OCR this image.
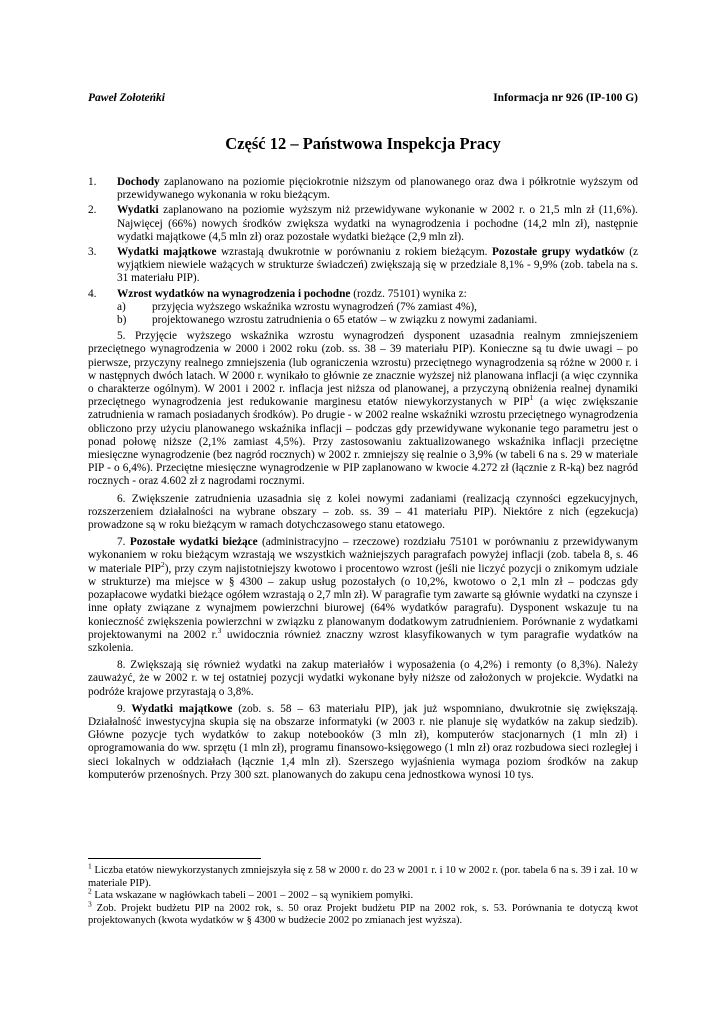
Paweł Zołoteńki	Informacja nr 926 (IP-100 G)
Część 12 – Państwowa Inspekcja Pracy
1.	Dochody zaplanowano na poziomie pięciokrotnie niższym od planowanego oraz dwa i półkrotnie wyższym od przewidywanego wykonania w roku bieżącym.
2.	Wydatki zaplanowano na poziomie wyższym niż przewidywane wykonanie w 2002 r. o 21,5 mln zł (11,6%). Najwięcej (66%) nowych środków zwiększa wydatki na wynagrodzenia i pochodne (14,2 mln zł), następnie wydatki majątkowe (4,5 mln zł) oraz pozostałe wydatki bieżące (2,9 mln zł).
3.	Wydatki majątkowe wzrastają dwukrotnie w porównaniu z rokiem bieżącym. Pozostałe grupy wydatków (z wyjątkiem niewiele ważących w strukturze świadczeń) zwiększają się w przedziale 8,1% - 9,9% (zob. tabela na s. 31 materiału PIP).
4.	Wzrost wydatków na wynagrodzenia i pochodne (rozdz. 75101) wynika z:
a)	przyjęcia wyższego wskaźnika wzrostu wynagrodzeń (7% zamiast 4%),
b)	projektowanego wzrostu zatrudnienia o 65 etatów – w związku z nowymi zadaniami.

5. Przyjęcie wyższego wskaźnika wzrostu wynagrodzeń dysponent uzasadnia realnym zmniejszeniem przeciętnego wynagrodzenia w 2000 i 2002 roku (zob. ss. 38 – 39 materiału PIP). Konieczne są tu dwie uwagi – po pierwsze, przyczyny realnego zmniejszenia (lub ograniczenia wzrostu) przeciętnego wynagrodzenia są różne w 2000 r. i w następnych dwóch latach. W 2000 r. wynikało to głównie ze znacznie wyższej niż planowana inflacji (a więc czynnika o charakterze ogólnym). W 2001 i 2002 r. inflacja jest niższa od planowanej, a przyczyną obniżenia realnej dynamiki przeciętnego wynagrodzenia jest redukowanie marginesu etatów niewykorzystanych w PIP$^1$ (a więc zwiększanie zatrudnienia w ramach posiadanych środków). Po drugie - w 2002 realne wskaźniki wzrostu przeciętnego wynagrodzenia obliczono przy użyciu planowanego wskaźnika inflacji – podczas gdy przewidywane wykonanie tego parametru jest o ponad połowę niższe (2,1% zamiast 4,5%). Przy zastosowaniu zaktualizowanego wskaźnika inflacji przeciętne miesięczne wynagrodzenie (bez nagród rocznych) w 2002 r. zmniejszy się realnie o 3,9% (w tabeli 6 na s. 29 w materiale PIP - o 6,4%). Przeciętne miesięczne wynagrodzenie w PIP zaplanowano w kwocie 4.272 zł (łącznie z R-ką) bez nagród rocznych - oraz 4.602 zł z nagrodami rocznymi.

6. Zwiększenie zatrudnienia uzasadnia się z kolei nowymi zadaniami (realizacją czynności egzekucyjnych, rozszerzeniem działalności na wybrane obszary – zob. ss. 39 – 41 materiału PIP). Niektóre z nich (egzekucja) prowadzone są w roku bieżącym w ramach dotychczasowego stanu etatowego.

7. Pozostałe wydatki bieżące (administracyjno – rzeczowe) rozdziału 75101 w porównaniu z przewidywanym wykonaniem w roku bieżącym wzrastają we wszystkich ważniejszych paragrafach powyżej inflacji (zob. tabela 8, s. 46 w materiale PIP$^2$), przy czym najistotniejszy kwotowo i procentowo wzrost (jeśli nie liczyć pozycji o znikomym udziale w strukturze) ma miejsce w § 4300 – zakup usług pozostałych (o 10,2%, kwotowo o 2,1 mln zł – podczas gdy pozapłacowe wydatki bieżące ogółem wzrastają o 2,7 mln zł). W paragrafie tym zawarte są głównie wydatki na czynsze i inne opłaty związane z wynajmem powierzchni biurowej (64% wydatków paragrafu). Dysponent wskazuje tu na konieczność zwiększenia powierzchni w związku z planowanym dodatkowym zatrudnieniem. Porównanie z wydatkami projektowanymi na 2002 r.$^3$ uwidocznia również znaczny wzrost klasyfikowanych w tym paragrafie wydatków na szkolenia.

8. Zwiększają się również wydatki na zakup materiałów i wyposażenia (o 4,2%) i remonty (o 8,3%). Należy zauważyć, że w 2002 r. w tej ostatniej pozycji wydatki wykonane były niższe od założonych w projekcie. Wydatki na podróże krajowe przyrastają o 3,8%.

9. Wydatki majątkowe (zob. s. 58 – 63 materiału PIP), jak już wspomniano, dwukrotnie się zwiększają. Działalność inwestycyjna skupia się na obszarze informatyki (w 2003 r. nie planuje się wydatków na zakup siedzib). Główne pozycje tych wydatków to zakup notebooków (3 mln zł), komputerów stacjonarnych (1 mln zł) i oprogramowania do ww. sprzętu (1 mln zł), programu finansowo-księgowego (1 mln zł) oraz rozbudowa sieci rozległej i sieci lokalnych w oddziałach (łącznie 1,4 mln zł). Szerszego wyjaśnienia wymaga poziom środków na zakup komputerów przenośnych. Przy 300 szt. planowanych do zakupu cena jednostkowa wynosi 10 tys.

$^1$ Liczba etatów niewykorzystanych zmniejszyła się z 58 w 2000 r. do 23 w 2001 r. i 10 w 2002 r. (por. tabela 6 na s. 39 i zał. 10 w materiale PIP).
$^2$ Lata wskazane w nagłówkach tabeli – 2001 – 2002 – są wynikiem pomyłki.
$^3$ Zob. Projekt budżetu PIP na 2002 rok, s. 50 oraz Projekt budżetu PIP na 2002 rok, s. 53. Porównania te dotyczą kwot projektowanych (kwota wydatków w § 4300 w budżecie 2002 po zmianach jest wyższa).
